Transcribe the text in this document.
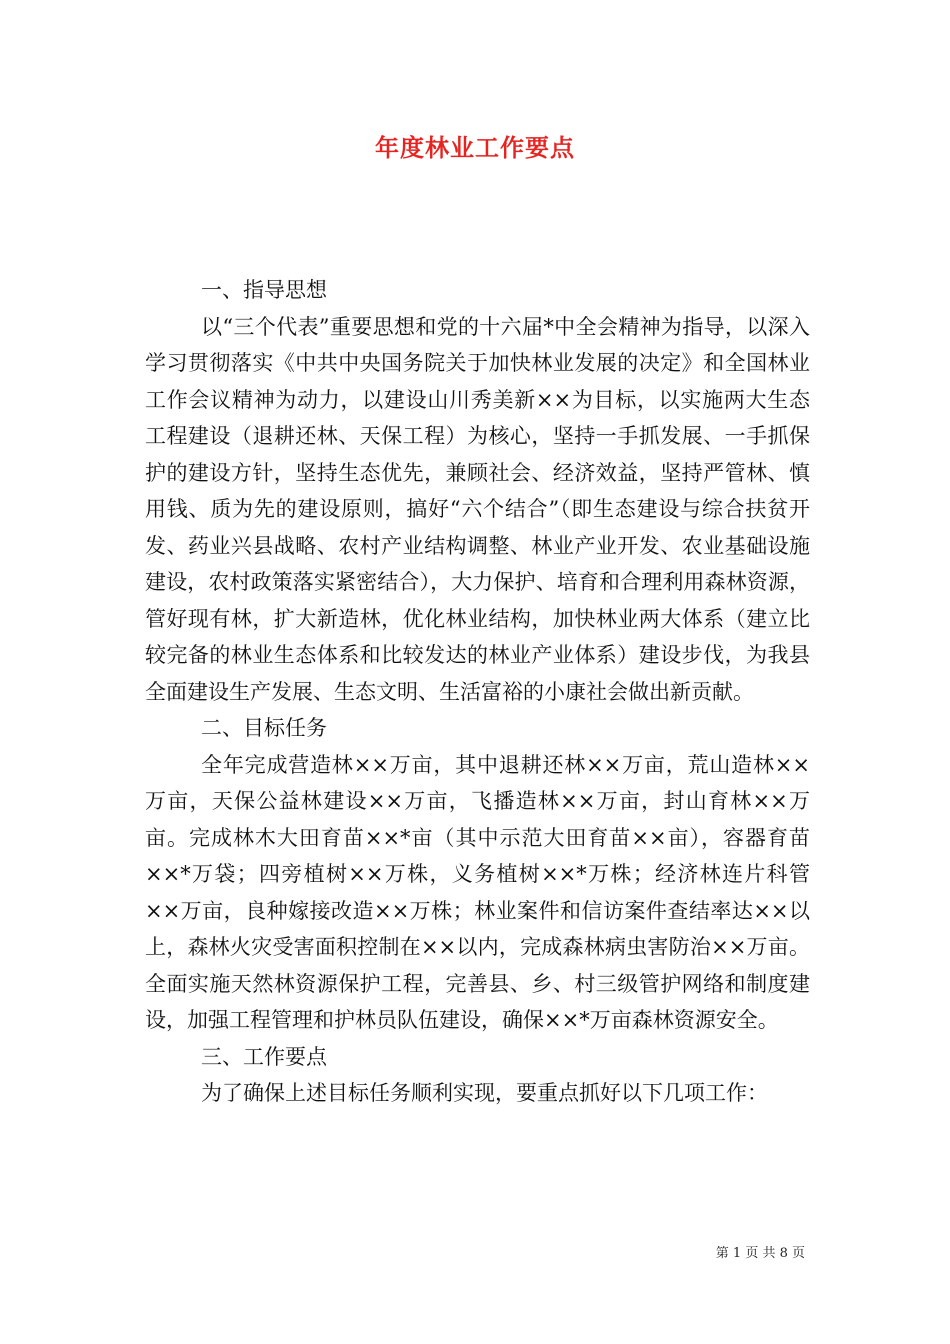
年度林业工作要点

一、指导思想

以“三个代表”重要思想和党的十六届*中全会精神为指导，以深入学习贯彻落实《中共中央国务院关于加快林业发展的决定》和全国林业工作会议精神为动力，以建设山川秀美新××为目标，以实施两大生态工程建设（退耕还林、天保工程）为核心，坚持一手抓发展、一手抓保护的建设方针，坚持生态优先，兼顾社会、经济效益，坚持严管林、慎用钱、质为先的建设原则，搞好“六个结合”（即生态建设与综合扶贫开发、药业兴县战略、农村产业结构调整、林业产业开发、农业基础设施建设，农村政策落实紧密结合），大力保护、培育和合理利用森林资源，管好现有林，扩大新造林，优化林业结构，加快林业两大体系（建立比较完备的林业生态体系和比较发达的林业产业体系）建设步伐，为我县全面建设生产发展、生态文明、生活富裕的小康社会做出新贡献。

二、目标任务

全年完成营造林××万亩，其中退耕还林××万亩，荒山造林××万亩，天保公益林建设××万亩，飞播造林××万亩，封山育林××万亩。完成林木大田育苗××*亩（其中示范大田育苗××亩），容器育苗××*万袋；四旁植树××万株，义务植树××*万株；经济林连片科管××万亩，良种嫁接改造××万株；林业案件和信访案件查结率达××以上，森林火灾受害面积控制在××以内，完成森林病虫害防治××万亩。全面实施天然林资源保护工程，完善县、乡、村三级管护网络和制度建设，加强工程管理和护林员队伍建设，确保××*万亩森林资源安全。

三、工作要点

为了确保上述目标任务顺利实现，要重点抓好以下几项工作：

第 1 页 共 8 页
